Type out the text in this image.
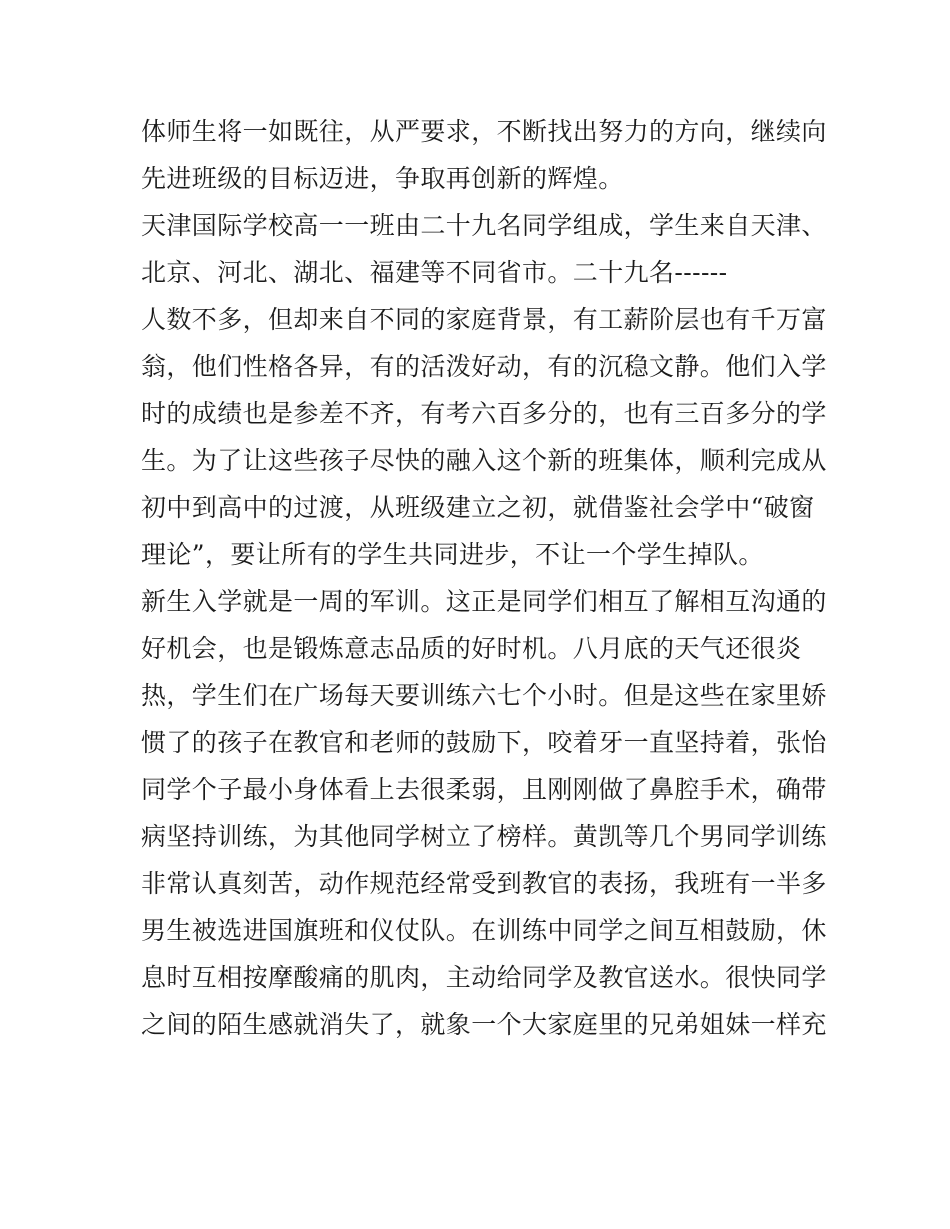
体师生将一如既往，从严要求，不断找出努力的方向，继续向
先进班级的目标迈进，争取再创新的辉煌。
天津国际学校高一一班由二十九名同学组成，学生来自天津、
北京、河北、湖北、福建等不同省市。二十九名------
人数不多，但却来自不同的家庭背景，有工薪阶层也有千万富
翁，他们性格各异，有的活泼好动，有的沉稳文静。他们入学
时的成绩也是参差不齐，有考六百多分的，也有三百多分的学
生。为了让这些孩子尽快的融入这个新的班集体，顺利完成从
初中到高中的过渡，从班级建立之初，就借鉴社会学中“破窗
理论”，要让所有的学生共同进步，不让一个学生掉队。
新生入学就是一周的军训。这正是同学们相互了解相互沟通的
好机会，也是锻炼意志品质的好时机。八月底的天气还很炎
热，学生们在广场每天要训练六七个小时。但是这些在家里娇
惯了的孩子在教官和老师的鼓励下，咬着牙一直坚持着，张怡
同学个子最小身体看上去很柔弱，且刚刚做了鼻腔手术，确带
病坚持训练，为其他同学树立了榜样。黄凯等几个男同学训练
非常认真刻苦，动作规范经常受到教官的表扬，我班有一半多
男生被选进国旗班和仪仗队。在训练中同学之间互相鼓励，休
息时互相按摩酸痛的肌肉，主动给同学及教官送水。很快同学
之间的陌生感就消失了，就象一个大家庭里的兄弟姐妹一样充
